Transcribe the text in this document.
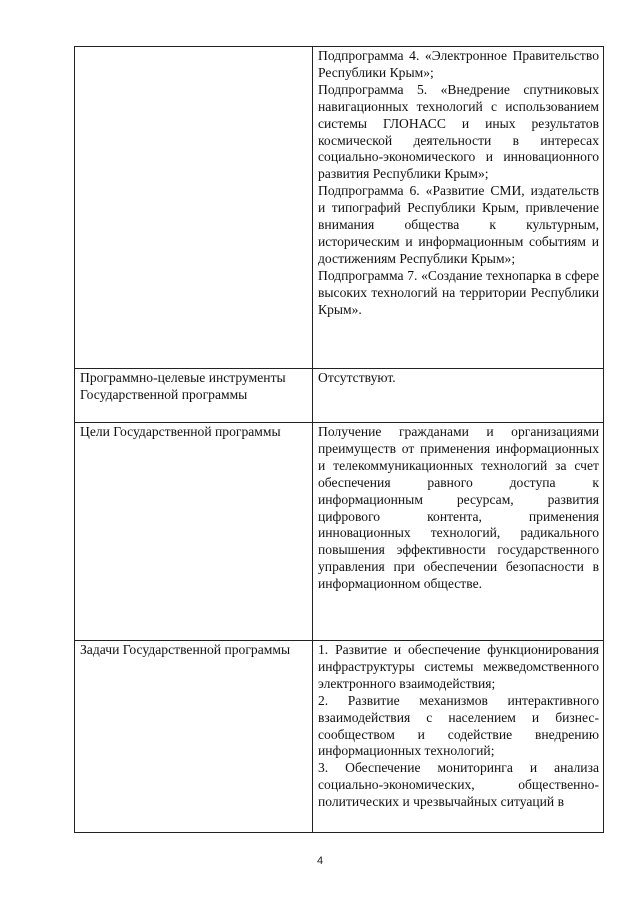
	Подпрограмма 4. «Электронное Правительство Республики Крым»;
Подпрограмма 5. «Внедрение спутниковых навигационных технологий с использованием системы ГЛОНАСС и иных результатов космической деятельности в интересах социально-экономического и инновационного развития Республики Крым»;
Подпрограмма 6. «Развитие СМИ, издательств и типографий Республики Крым, привлечение внимания общества к культурным, историческим и информационным событиям и достижениям Республики Крым»;
Подпрограмма 7. «Создание технопарка в сфере высоких технологий на территории Республики Крым».

Программно-целевые инструменты Государственной программы	Отсутствуют.

Цели Государственной программы	Получение гражданами и организациями преимуществ от применения информационных и телекоммуникационных технологий за счет обеспечения равного доступа к информационным ресурсам, развития цифрового контента, применения инновационных технологий, радикального повышения эффективности государственного управления при обеспечении безопасности в информационном обществе.

Задачи Государственной программы	1. Развитие и обеспечение функционирования инфраструктуры системы межведомственного электронного взаимодействия;
2. Развитие механизмов интерактивного взаимодействия с населением и бизнес-сообществом и содействие внедрению информационных технологий;
3. Обеспечение мониторинга и анализа социально-экономических, общественно-политических и чрезвычайных ситуаций в
4
